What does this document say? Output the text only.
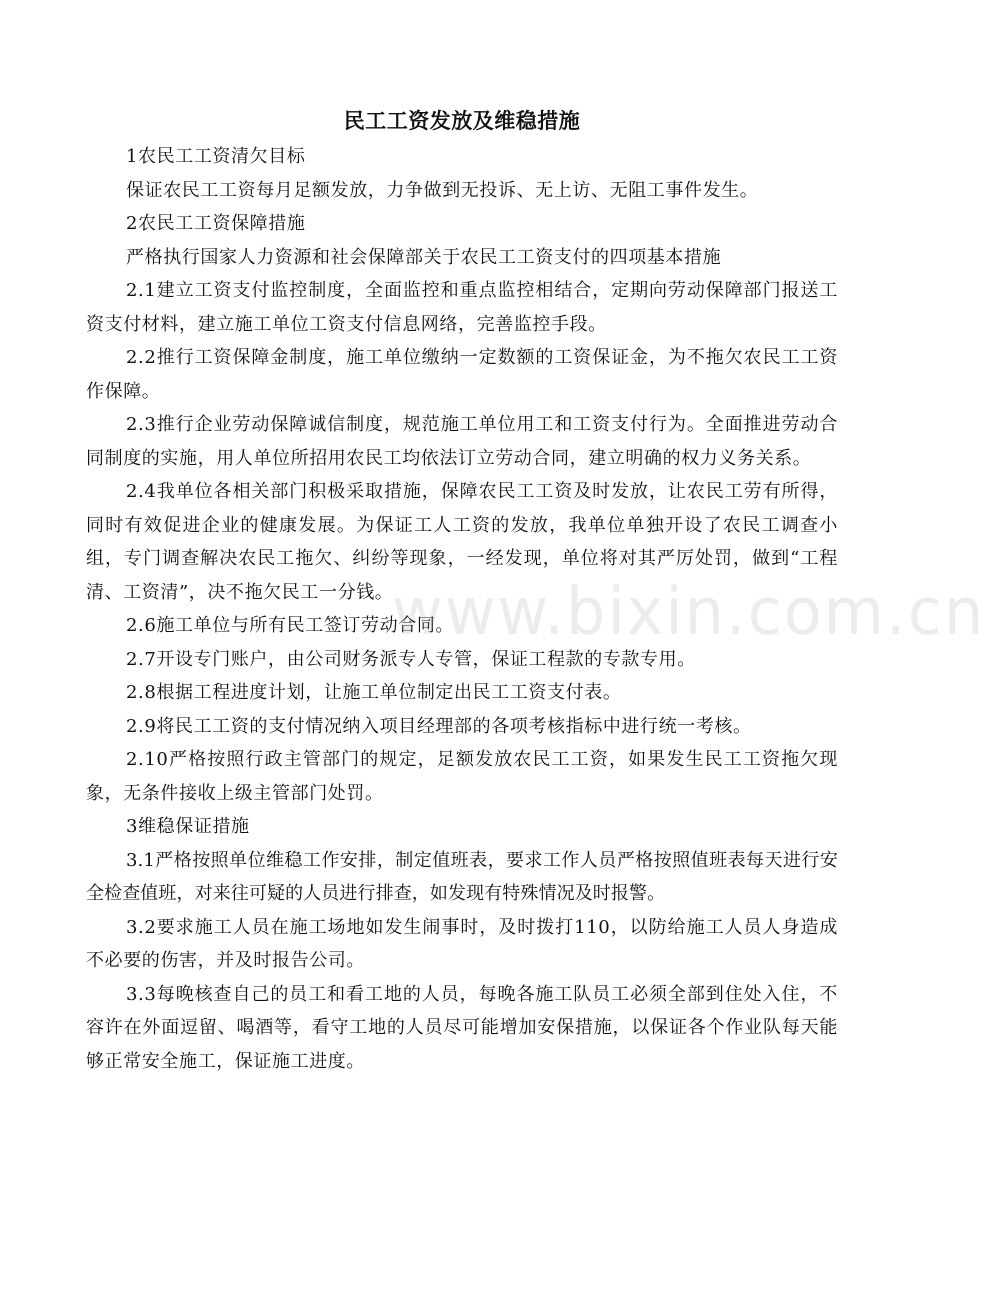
民工工资发放及维稳措施

1农民工工资清欠目标

保证农民工工资每月足额发放，力争做到无投诉、无上访、无阻工事件发生。

2农民工工资保障措施

严格执行国家人力资源和社会保障部关于农民工工资支付的四项基本措施

2.1建立工资支付监控制度，全面监控和重点监控相结合，定期向劳动保障部门报送工资支付材料，建立施工单位工资支付信息网络，完善监控手段。

2.2推行工资保障金制度，施工单位缴纳一定数额的工资保证金，为不拖欠农民工工资作保障。

2.3推行企业劳动保障诚信制度，规范施工单位用工和工资支付行为。全面推进劳动合同制度的实施，用人单位所招用农民工均依法订立劳动合同，建立明确的权力义务关系。

2.4我单位各相关部门积极采取措施，保障农民工工资及时发放，让农民工劳有所得，同时有效促进企业的健康发展。为保证工人工资的发放，我单位单独开设了农民工调查小组，专门调查解决农民工拖欠、纠纷等现象，一经发现，单位将对其严厉处罚，做到“工程清、工资清”，决不拖欠民工一分钱。

2.6施工单位与所有民工签订劳动合同。

2.7开设专门账户，由公司财务派专人专管，保证工程款的专款专用。

2.8根据工程进度计划，让施工单位制定出民工工资支付表。

2.9将民工工资的支付情况纳入项目经理部的各项考核指标中进行统一考核。

2.10严格按照行政主管部门的规定，足额发放农民工工资，如果发生民工工资拖欠现象，无条件接收上级主管部门处罚。

3维稳保证措施

3.1严格按照单位维稳工作安排，制定值班表，要求工作人员严格按照值班表每天进行安全检查值班，对来往可疑的人员进行排查，如发现有特殊情况及时报警。

3.2要求施工人员在施工场地如发生闹事时，及时拨打110，以防给施工人员人身造成不必要的伤害，并及时报告公司。

3.3每晚核查自己的员工和看工地的人员，每晚各施工队员工必须全部到住处入住，不容许在外面逗留、喝酒等，看守工地的人员尽可能增加安保措施，以保证各个作业队每天能够正常安全施工，保证施工进度。

www.bixin.com.cn
